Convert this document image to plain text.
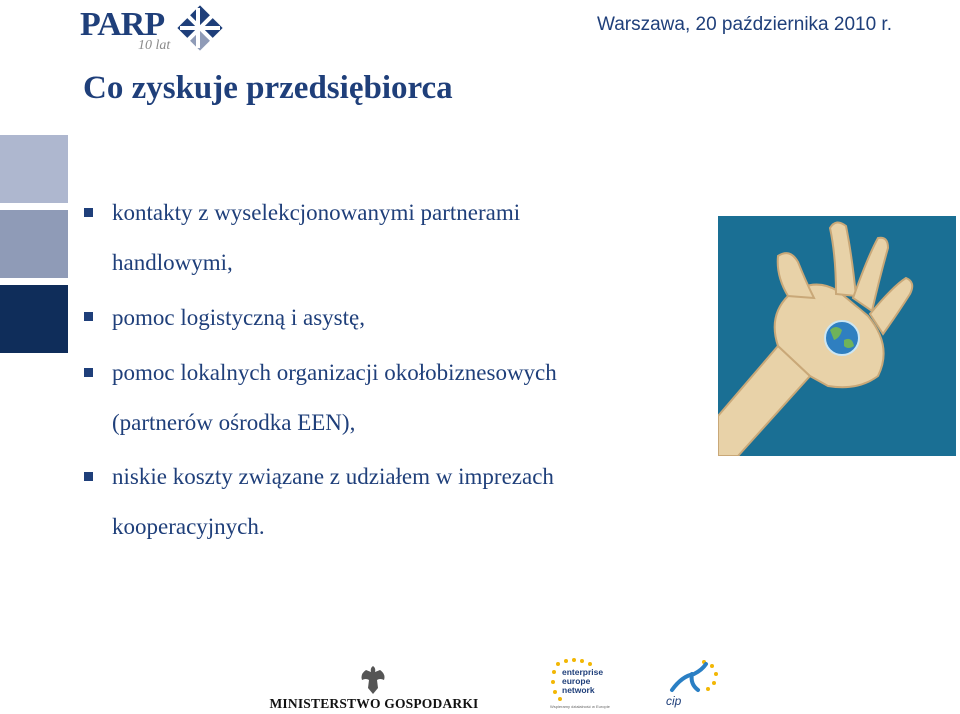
PARP
10 lat
Warszawa, 20 października 2010 r.
Co zyskuje przedsiębiorca
kontakty z wyselekcjonowanymi partnerami
handlowymi,
pomoc logistyczną i asystę,
pomoc lokalnych organizacji okołobiznesowych
(partnerów ośrodka EEN),
niskie koszty związane z udziałem w imprezach
kooperacyjnych.
MINISTERSTWO GOSPODARKI
enterprise
europe
network
Wspieramy działalność w Europie	cip
